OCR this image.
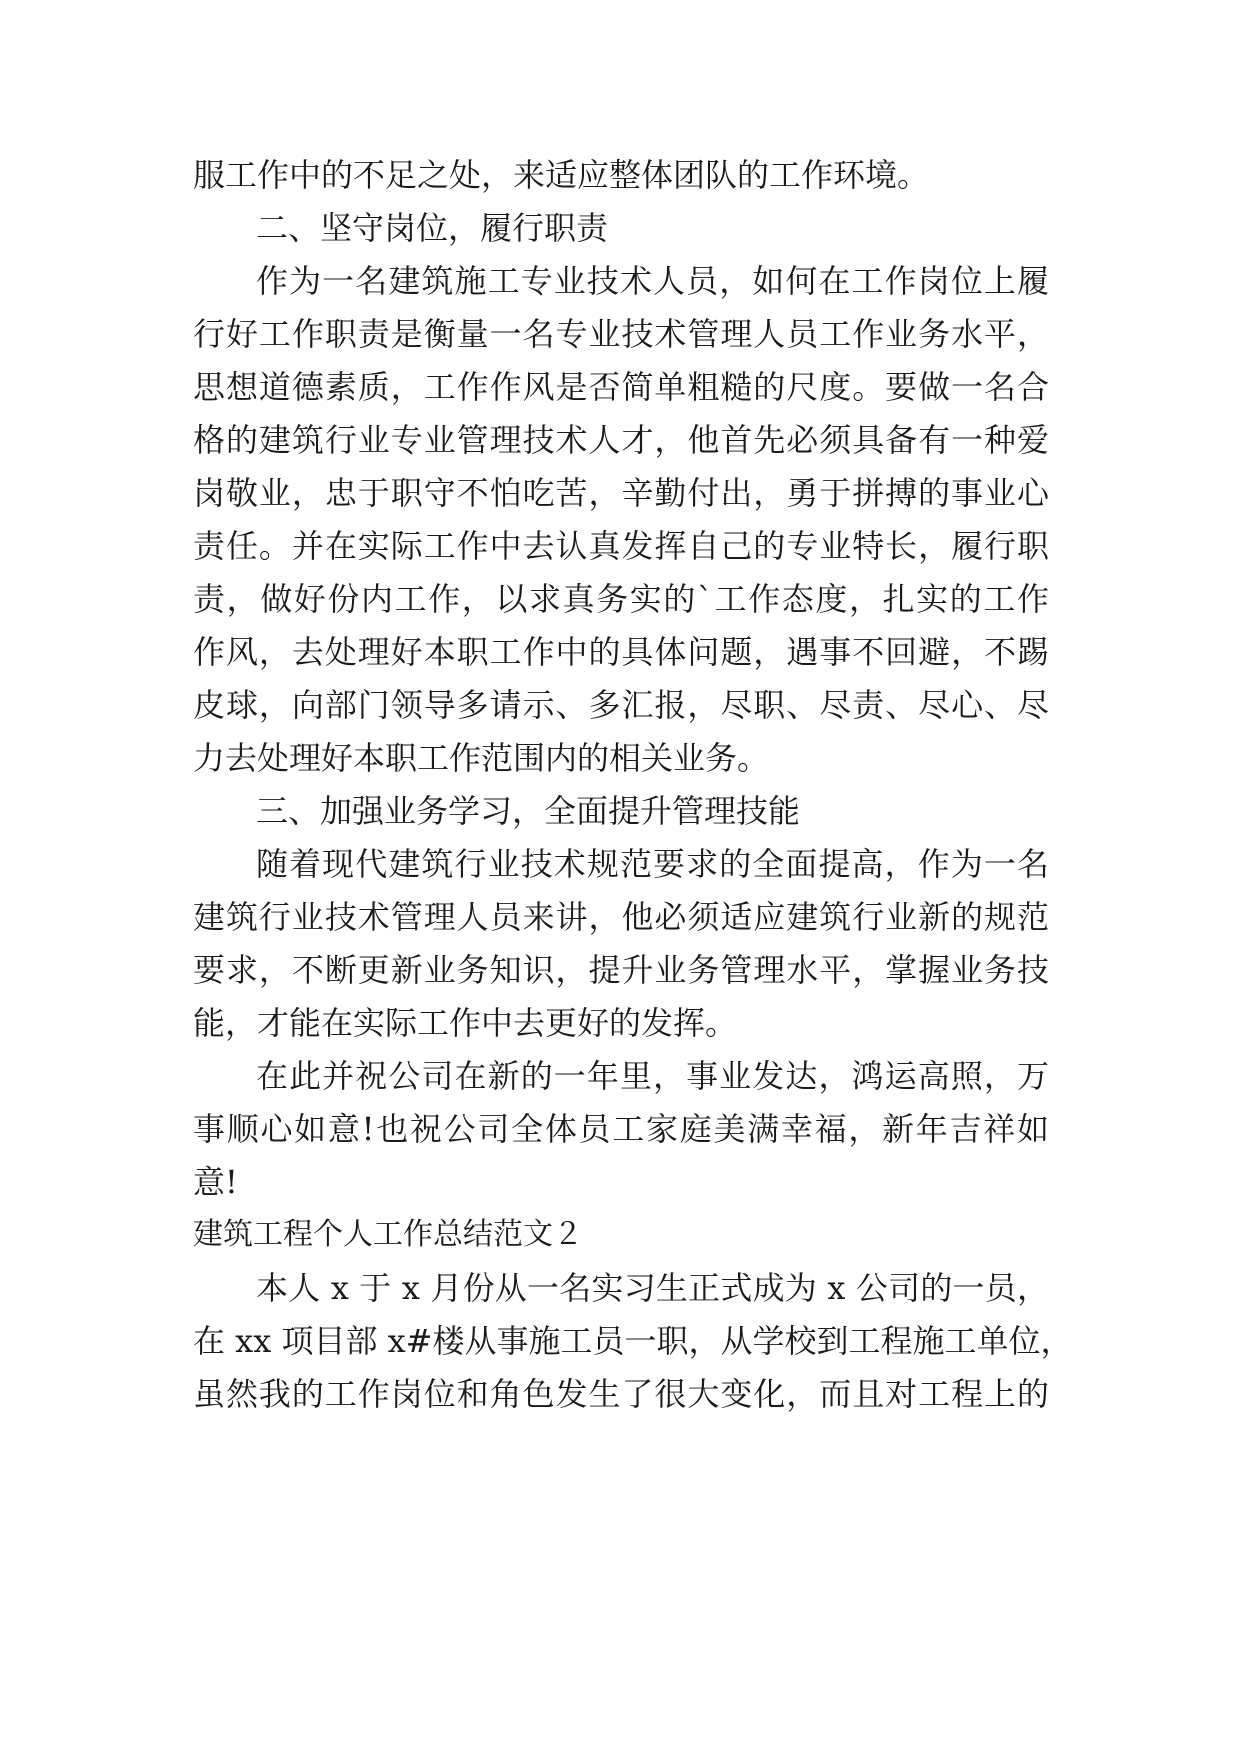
服工作中的不足之处，来适应整体团队的工作环境。
二、坚守岗位，履行职责
作为一名建筑施工专业技术人员，如何在工作岗位上履
行好工作职责是衡量一名专业技术管理人员工作业务水平，
思想道德素质，工作作风是否简单粗糙的尺度。要做一名合
格的建筑行业专业管理技术人才，他首先必须具备有一种爱
岗敬业，忠于职守不怕吃苦，辛勤付出，勇于拼搏的事业心
责任。并在实际工作中去认真发挥自己的专业特长，履行职
责，做好份内工作，以求真务实的`工作态度，扎实的工作
作风，去处理好本职工作中的具体问题，遇事不回避，不踢
皮球，向部门领导多请示、多汇报，尽职、尽责、尽心、尽
力去处理好本职工作范围内的相关业务。
三、加强业务学习，全面提升管理技能
随着现代建筑行业技术规范要求的全面提高，作为一名
建筑行业技术管理人员来讲，他必须适应建筑行业新的规范
要求，不断更新业务知识，提升业务管理水平，掌握业务技
能，才能在实际工作中去更好的发挥。
在此并祝公司在新的一年里，事业发达，鸿运高照，万
事顺心如意!也祝公司全体员工家庭美满幸福，新年吉祥如
意!
建筑工程个人工作总结范文２
本人 x 于 x 月份从一名实习生正式成为 x 公司的一员，
在 xx 项目部 x#楼从事施工员一职，从学校到工程施工单位，
虽然我的工作岗位和角色发生了很大变化，而且对工程上的
